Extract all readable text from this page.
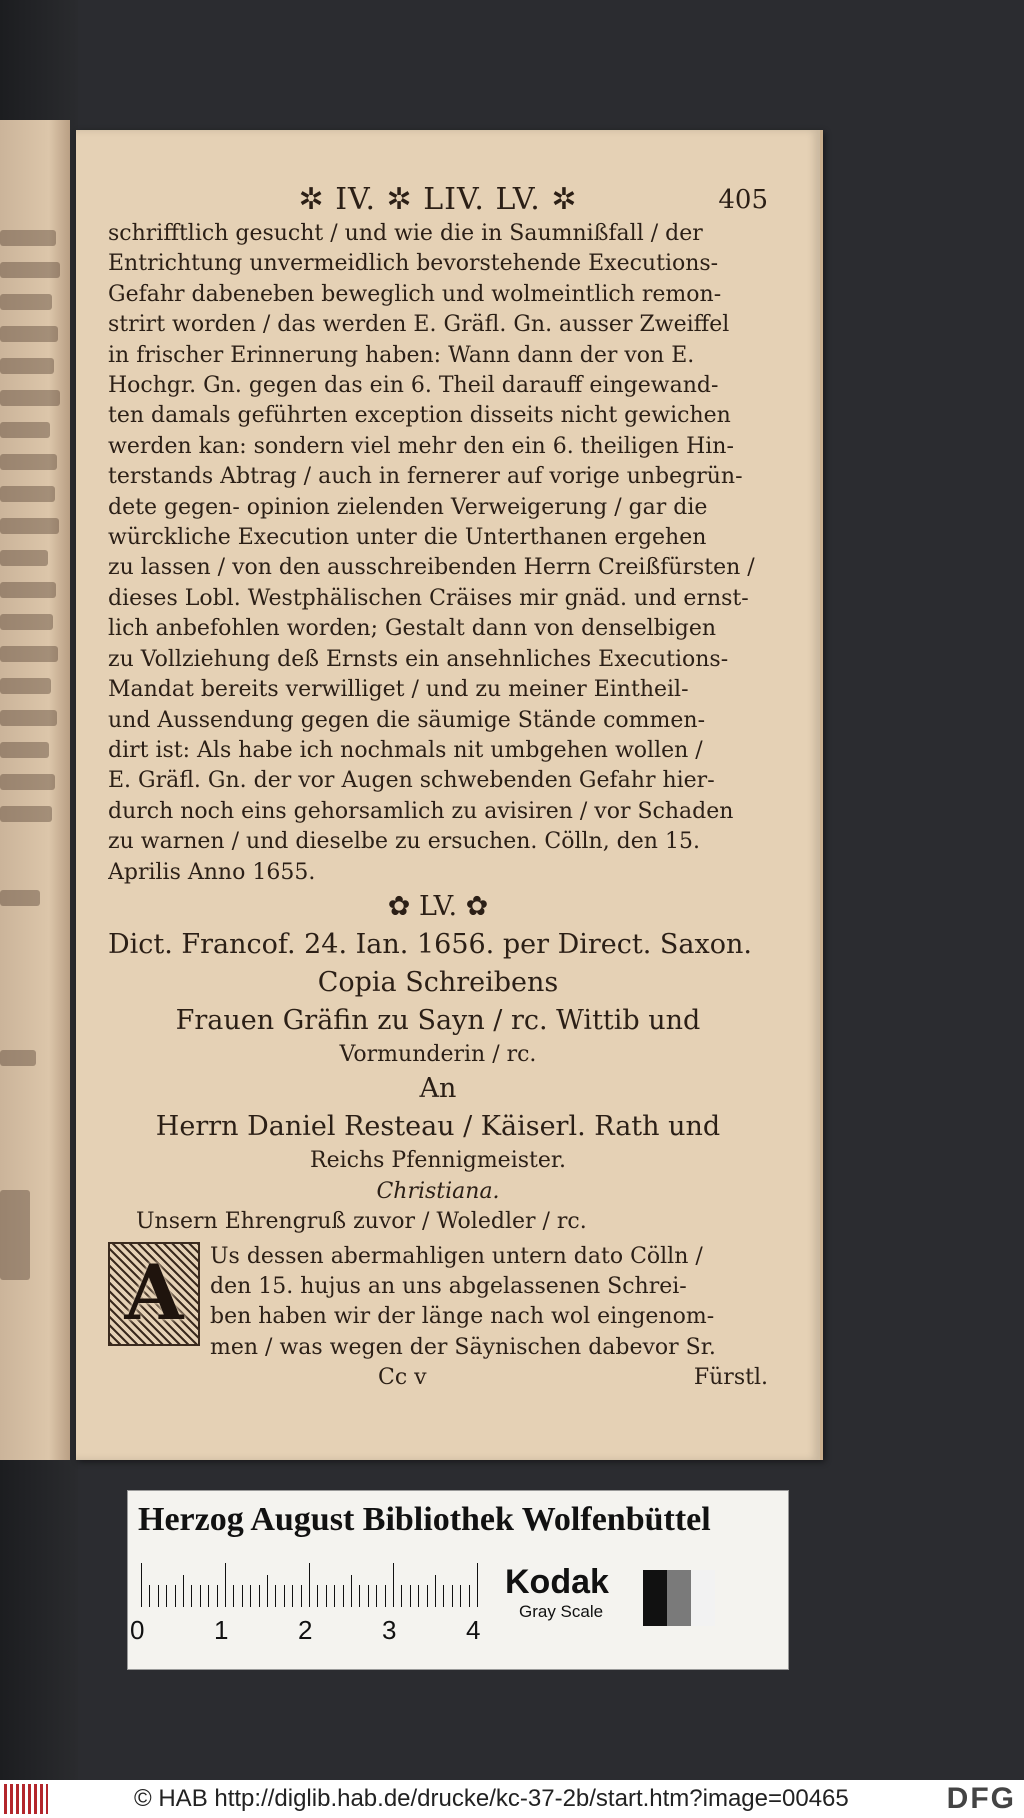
✲ IV. ✲ LIV. LV. ✲	405
schrifftlich gesucht / und wie die in Saumnißfall / der
Entrichtung unvermeidlich bevorstehende Executions-
Gefahr dabeneben beweglich und wolmeintlich remon-
strirt worden / das werden E. Gräfl. Gn. ausser Zweiffel
in frischer Erinnerung haben: Wann dann der von E.
Hochgr. Gn. gegen das ein 6. Theil darauff eingewand-
ten damals geführten exception disseits nicht gewichen
werden kan: sondern viel mehr den ein 6. theiligen Hin-
terstands Abtrag / auch in fernerer auf vorige unbegrün-
dete gegen- opinion zielenden Verweigerung / gar die
würckliche Execution unter die Unterthanen ergehen
zu lassen / von den ausschreibenden Herrn Creißfürsten /
dieses Lobl. Westphälischen Cräises mir gnäd. und ernst-
lich anbefohlen worden; Gestalt dann von denselbigen
zu Vollziehung deß Ernsts ein ansehnliches Executions-
Mandat bereits verwilliget / und zu meiner Eintheil-
und Aussendung gegen die säumige Stände commen-
dirt ist: Als habe ich nochmals nit umbgehen wollen /
E. Gräfl. Gn. der vor Augen schwebenden Gefahr hier-
durch noch eins gehorsamlich zu avisiren / vor Schaden
zu warnen / und dieselbe zu ersuchen. Cölln, den 15.
Aprilis Anno 1655.
✿ LV. ✿
Dict. Francof. 24. Ian. 1656. per Direct. Saxon.
Copia Schreibens
Frauen Gräfin zu Sayn / rc. Wittib und
Vormunderin / rc.
An
Herrn Daniel Resteau / Käiserl. Rath und
Reichs Pfennigmeister.
Christiana.
Unsern Ehrengruß zuvor / Woledler / rc.
A	Us dessen abermahligen untern dato Cölln /
den 15. hujus an uns abgelassenen Schrei-
ben haben wir der länge nach wol eingenom-
men / was wegen der Säynischen dabevor Sr.
Cc v	Fürstl.
Herzog August Bibliothek Wolfenbüttel
0	1	2	3	4
Kodak
Gray Scale
© HAB http://diglib.hab.de/drucke/kc-37-2b/start.htm?image=00465	DFG
